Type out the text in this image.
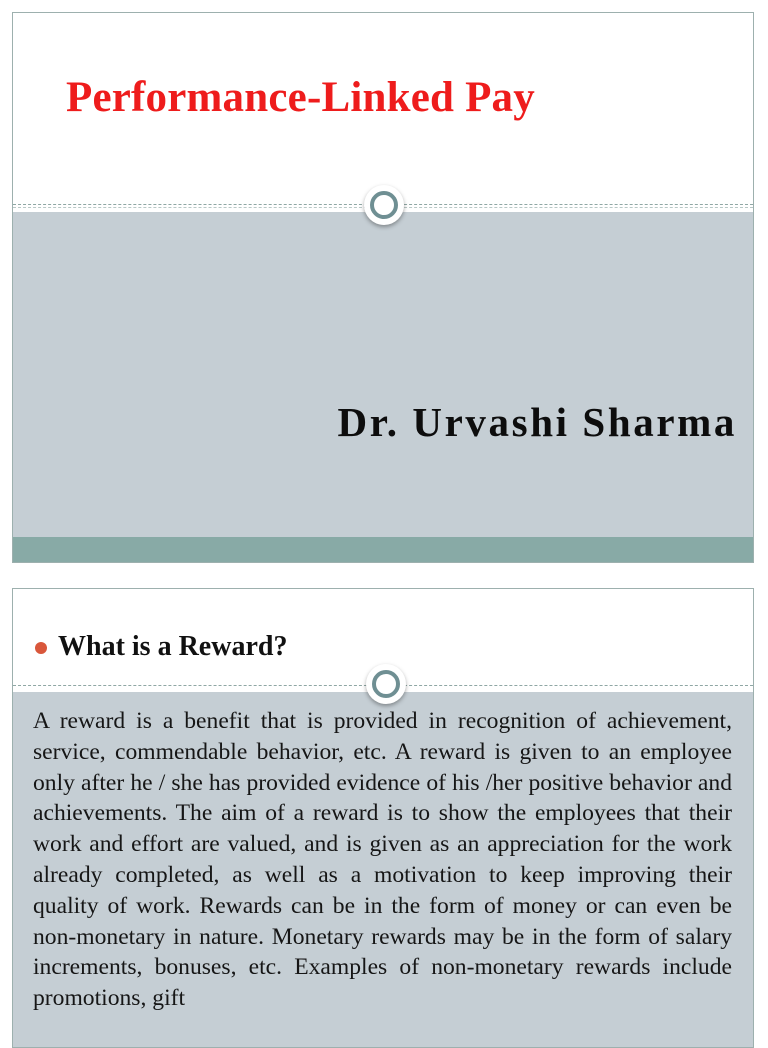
Performance-Linked Pay
Dr. Urvashi Sharma
What is a Reward?

A reward is a benefit that is provided in recognition of achievement, service, commendable behavior, etc. A reward is given to an employee only after he / she has provided evidence of his /her positive behavior and achievements. The aim of a reward is to show the employees that their work and effort are valued, and is given as an appreciation for the work already completed, as well as a motivation to keep improving their quality of work. Rewards can be in the form of money or can even be non-monetary in nature. Monetary rewards may be in the form of salary increments, bonuses, etc. Examples of non-monetary rewards include promotions, gift
